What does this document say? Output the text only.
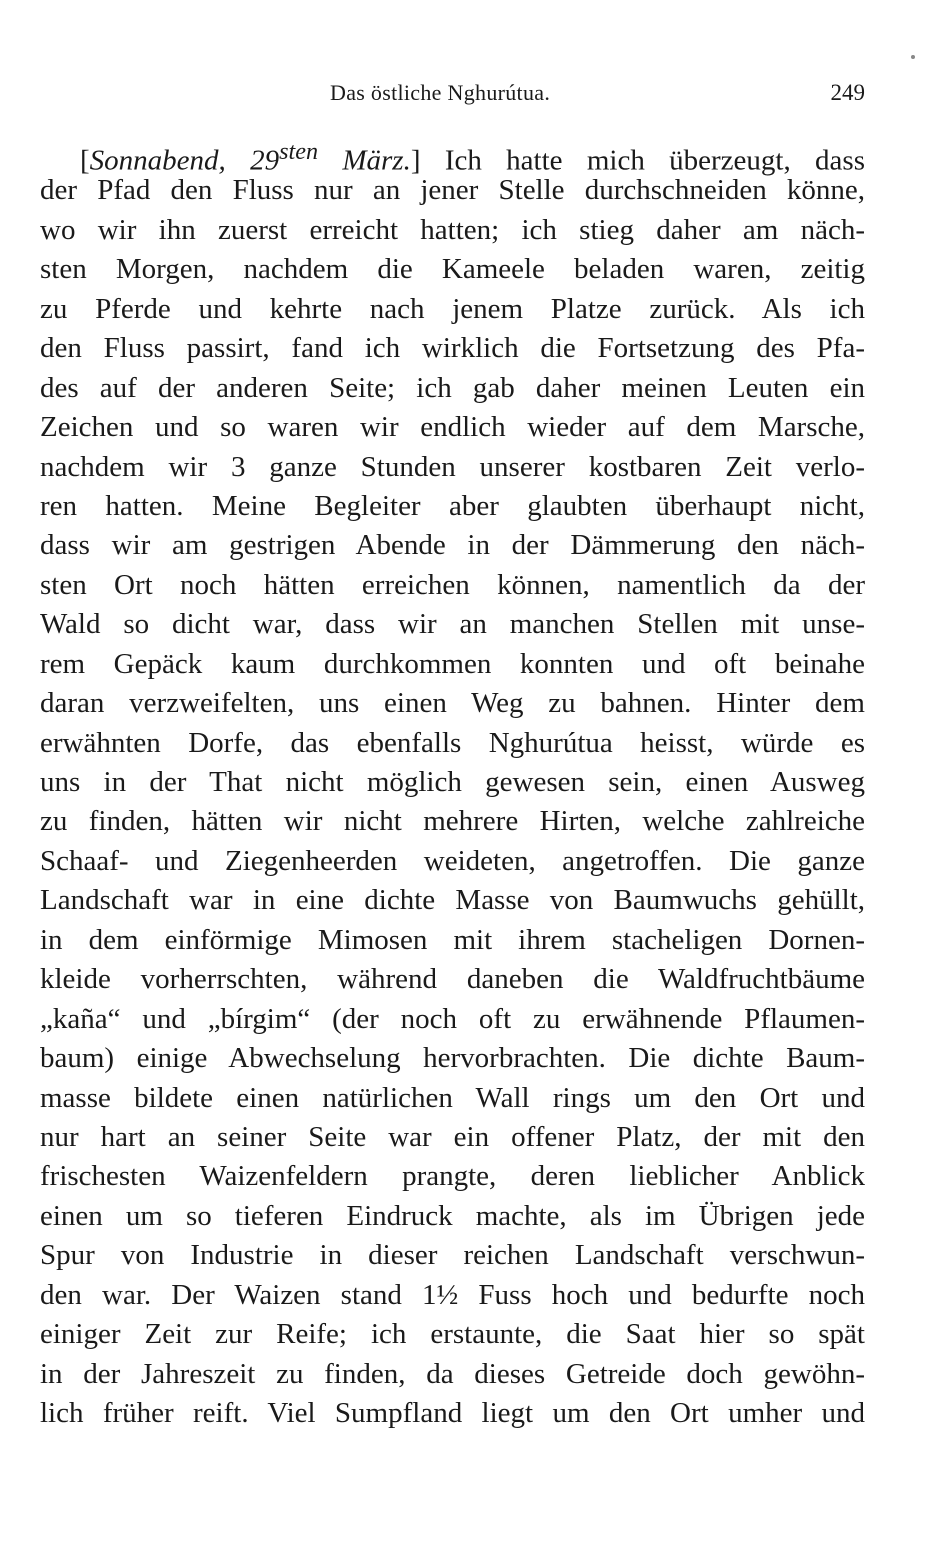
Das östliche Nghurútua.	249
[Sonnabend, $29^{sten}$ März.] Ich hatte mich überzeugt, dass
der Pfad den Fluss nur an jener Stelle durchschneiden könne,
wo wir ihn zuerst erreicht hatten; ich stieg daher am näch-
sten Morgen, nachdem die Kameele beladen waren, zeitig
zu Pferde und kehrte nach jenem Platze zurück. Als ich
den Fluss passirt, fand ich wirklich die Fortsetzung des Pfa-
des auf der anderen Seite; ich gab daher meinen Leuten ein
Zeichen und so waren wir endlich wieder auf dem Marsche,
nachdem wir 3 ganze Stunden unserer kostbaren Zeit verlo-
ren hatten. Meine Begleiter aber glaubten überhaupt nicht,
dass wir am gestrigen Abende in der Dämmerung den näch-
sten Ort noch hätten erreichen können, namentlich da der
Wald so dicht war, dass wir an manchen Stellen mit unse-
rem Gepäck kaum durchkommen konnten und oft beinahe
daran verzweifelten, uns einen Weg zu bahnen. Hinter dem
erwähnten Dorfe, das ebenfalls Nghurútua heisst, würde es
uns in der That nicht möglich gewesen sein, einen Ausweg
zu finden, hätten wir nicht mehrere Hirten, welche zahlreiche
Schaaf- und Ziegenheerden weideten, angetroffen. Die ganze
Landschaft war in eine dichte Masse von Baumwuchs gehüllt,
in dem einförmige Mimosen mit ihrem stacheligen Dornen-
kleide vorherrschten, während daneben die Waldfruchtbäume
„kaña“ und „bírgim“ (der noch oft zu erwähnende Pflaumen-
baum) einige Abwechselung hervorbrachten. Die dichte Baum-
masse bildete einen natürlichen Wall rings um den Ort und
nur hart an seiner Seite war ein offener Platz, der mit den
frischesten Waizenfeldern prangte, deren lieblicher Anblick
einen um so tieferen Eindruck machte, als im Übrigen jede
Spur von Industrie in dieser reichen Landschaft verschwun-
den war. Der Waizen stand 1½ Fuss hoch und bedurfte noch
einiger Zeit zur Reife; ich erstaunte, die Saat hier so spät
in der Jahreszeit zu finden, da dieses Getreide doch gewöhn-
lich früher reift. Viel Sumpfland liegt um den Ort umher und
